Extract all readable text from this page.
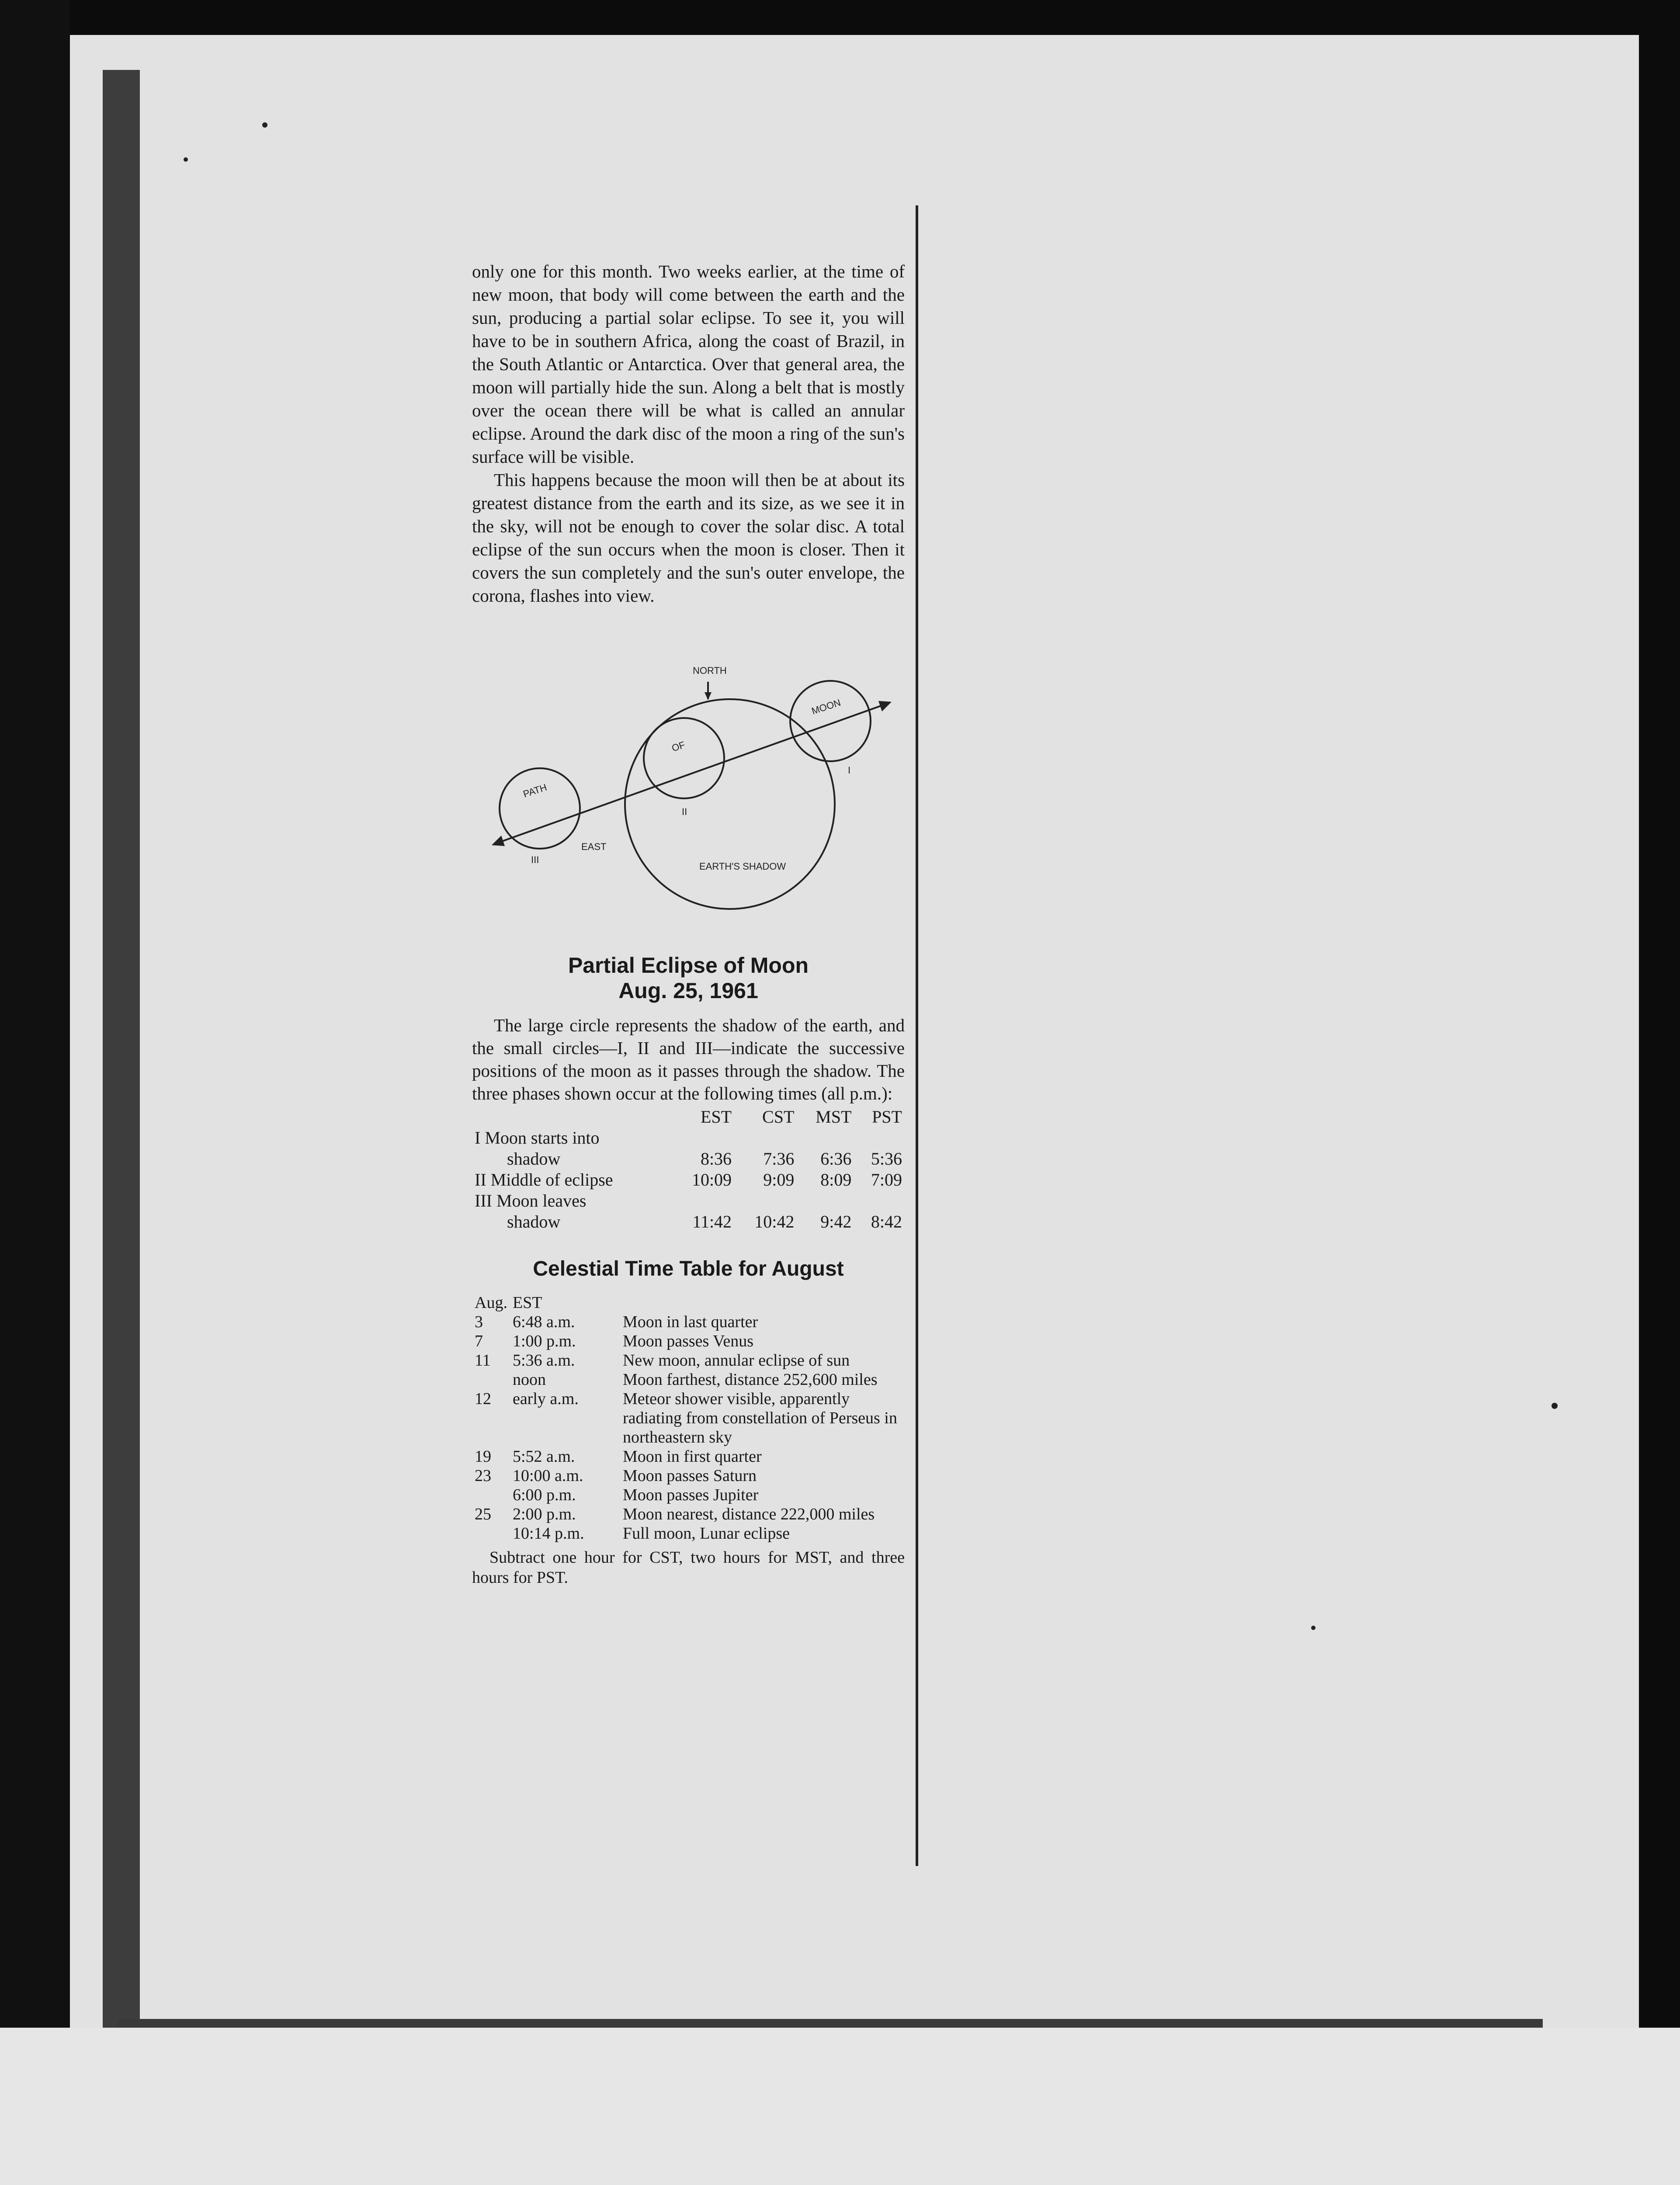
only one for this month. Two weeks earlier, at the time of new moon, that body will come between the earth and the sun, producing a partial solar eclipse. To see it, you will have to be in southern Africa, along the coast of Brazil, in the South Atlantic or Antarctica. Over that general area, the moon will partially hide the sun. Along a belt that is mostly over the ocean there will be what is called an annular eclipse. Around the dark disc of the moon a ring of the sun's surface will be visible.

This happens because the moon will then be at about its greatest distance from the earth and its size, as we see it in the sky, will not be enough to cover the solar disc. A total eclipse of the sun occurs when the moon is closer. Then it covers the sun completely and the sun's outer envelope, the corona, flashes into view.

NORTH
EAST
PATH
OF
MOON
EARTH'S SHADOW
I
II
III
Partial Eclipse of Moon
Aug. 25, 1961

The large circle represents the shadow of the earth, and the small circles—I, II and III—indicate the successive positions of the moon as it passes through the shadow. The three phases shown occur at the following times (all p.m.):

	EST	CST	MST	PST
I Moon starts into				
shadow	8:36	7:36	6:36	5:36
II Middle of eclipse	10:09	9:09	8:09	7:09
III Moon leaves				
shadow	11:42	10:42	9:42	8:42
Celestial Time Table for August
Aug.	EST	
3	6:48 a.m.	Moon in last quarter
7	1:00 p.m.	Moon passes Venus
11	5:36 a.m.	New moon, annular eclipse of sun
	noon	Moon farthest, distance 252,600 miles
12	early a.m.	Meteor shower visible, apparently radiating from constellation of Perseus in northeastern sky
19	5:52 a.m.	Moon in first quarter
23	10:00 a.m.	Moon passes Saturn
	6:00 p.m.	Moon passes Jupiter
25	2:00 p.m.	Moon nearest, distance 222,000 miles
	10:14 p.m.	Full moon, Lunar eclipse

Subtract one hour for CST, two hours for MST, and three hours for PST.
